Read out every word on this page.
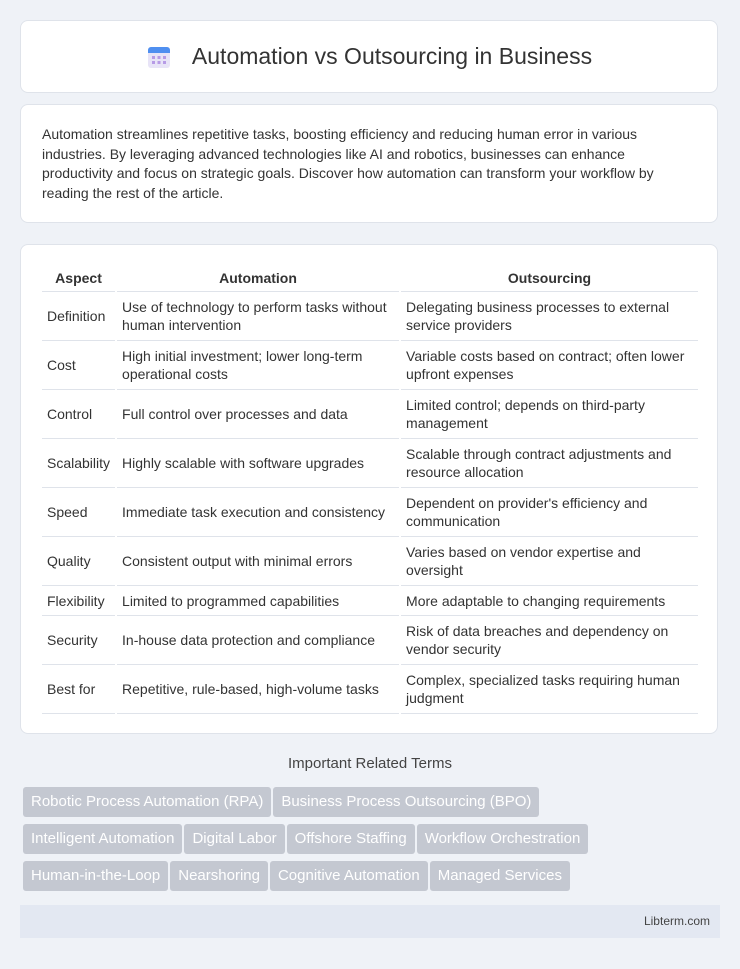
Automation vs Outsourcing in Business
Automation streamlines repetitive tasks, boosting efficiency and reducing human error in various industries. By leveraging advanced technologies like AI and robotics, businesses can enhance productivity and focus on strategic goals. Discover how automation can transform your workflow by reading the rest of the article.
Aspect	Automation	Outsourcing
Definition	Use of technology to perform tasks without human intervention	Delegating business processes to external service providers
Cost	High initial investment; lower long-term operational costs	Variable costs based on contract; often lower upfront expenses
Control	Full control over processes and data	Limited control; depends on third-party management
Scalability	Highly scalable with software upgrades	Scalable through contract adjustments and resource allocation
Speed	Immediate task execution and consistency	Dependent on provider's efficiency and communication
Quality	Consistent output with minimal errors	Varies based on vendor expertise and oversight
Flexibility	Limited to programmed capabilities	More adaptable to changing requirements
Security	In-house data protection and compliance	Risk of data breaches and dependency on vendor security
Best for	Repetitive, rule-based, high-volume tasks	Complex, specialized tasks requiring human judgment
Important Related Terms
Robotic Process Automation (RPA) Business Process Outsourcing (BPO)
Intelligent Automation Digital Labor Offshore Staffing Workflow Orchestration
Human-in-the-Loop Nearshoring Cognitive Automation Managed Services
Libterm.com
